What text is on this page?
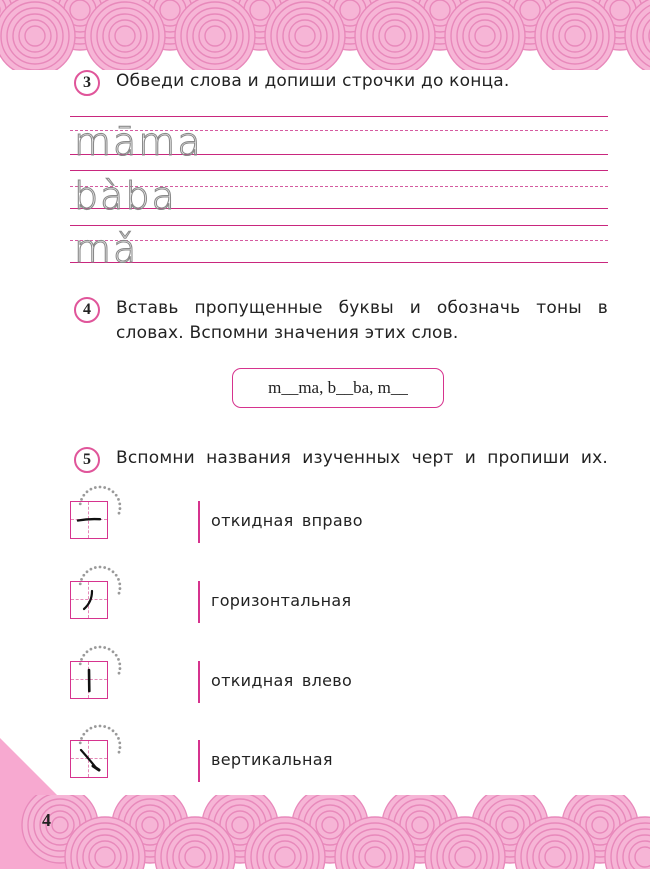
3	Обведи слова и допиши строчки до конца.
māma
bàba
mǎ
4	Вставь пропущенные буквы и обозначь тоны в
словах. Вспомни значения этих слов.
m__ma, b__ba, m__
5	Вспомни названия изученных черт и пропиши их.
откидная вправо
горизонтальная
откидная влево
вертикальная
4
